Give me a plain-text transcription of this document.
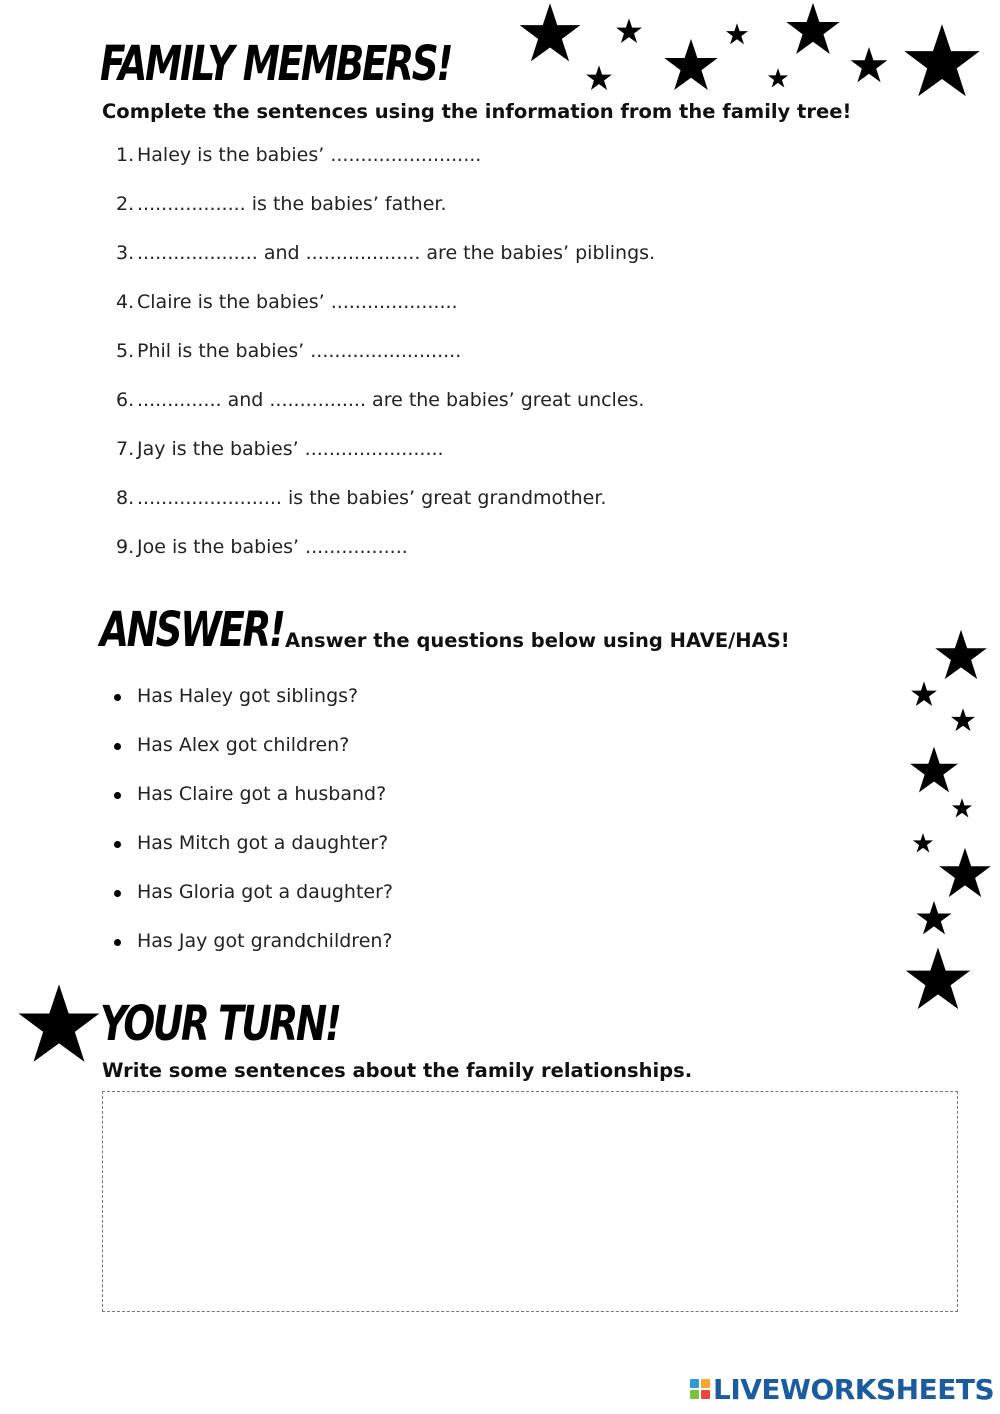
FAMILY MEMBERS!

Complete the sentences using the information from the family tree!

1. Haley is the babies’ .........................
2. .................. is the babies’ father.
3. .................... and ................... are the babies’ piblings.
4. Claire is the babies’ .....................
5. Phil is the babies’ .........................
6. .............. and ................ are the babies’ great uncles.
7. Jay is the babies’ .......................
8. ........................ is the babies’ great grandmother.
9. Joe is the babies’ .................
ANSWER! Answer the questions below using HAVE/HAS!

Has Haley got siblings?
Has Alex got children?
Has Claire got a husband?
Has Mitch got a daughter?
Has Gloria got a daughter?
Has Jay got grandchildren?
YOUR TURN!

Write some sentences about the family relationships.

LIVEWORKSHEETS
